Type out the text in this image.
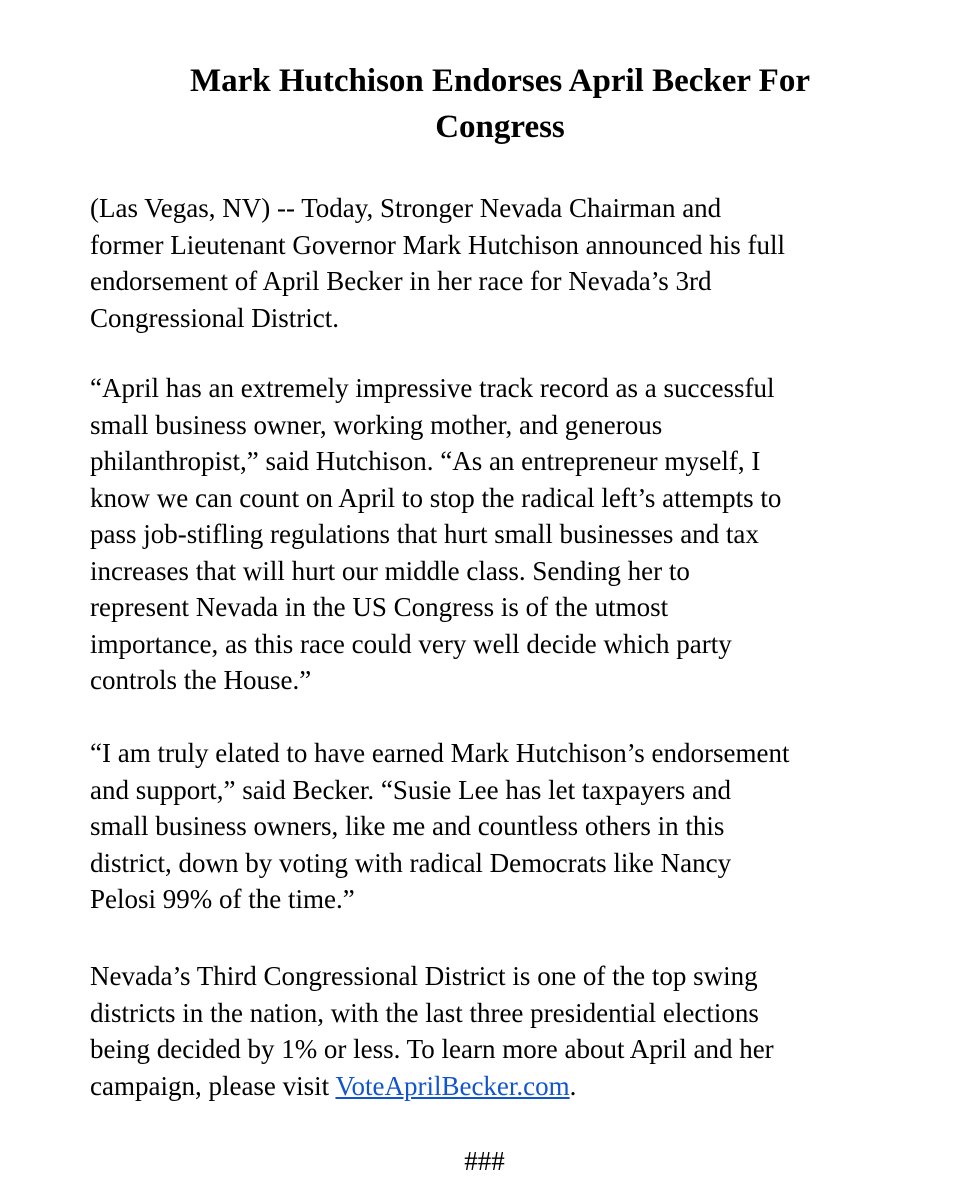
Mark Hutchison Endorses April Becker For
Congress

(Las Vegas, NV) -- Today, Stronger Nevada Chairman and
former Lieutenant Governor Mark Hutchison announced his full
endorsement of April Becker in her race for Nevada’s 3rd
Congressional District.

“April has an extremely impressive track record as a successful
small business owner, working mother, and generous
philanthropist,” said Hutchison. “As an entrepreneur myself, I
know we can count on April to stop the radical left’s attempts to
pass job-stifling regulations that hurt small businesses and tax
increases that will hurt our middle class. Sending her to
represent Nevada in the US Congress is of the utmost
importance, as this race could very well decide which party
controls the House.”

“I am truly elated to have earned Mark Hutchison’s endorsement
and support,” said Becker. “Susie Lee has let taxpayers and
small business owners, like me and countless others in this
district, down by voting with radical Democrats like Nancy
Pelosi 99% of the time.”

Nevada’s Third Congressional District is one of the top swing
districts in the nation, with the last three presidential elections
being decided by 1% or less. To learn more about April and her
campaign, please visit VoteAprilBecker.com.

###
